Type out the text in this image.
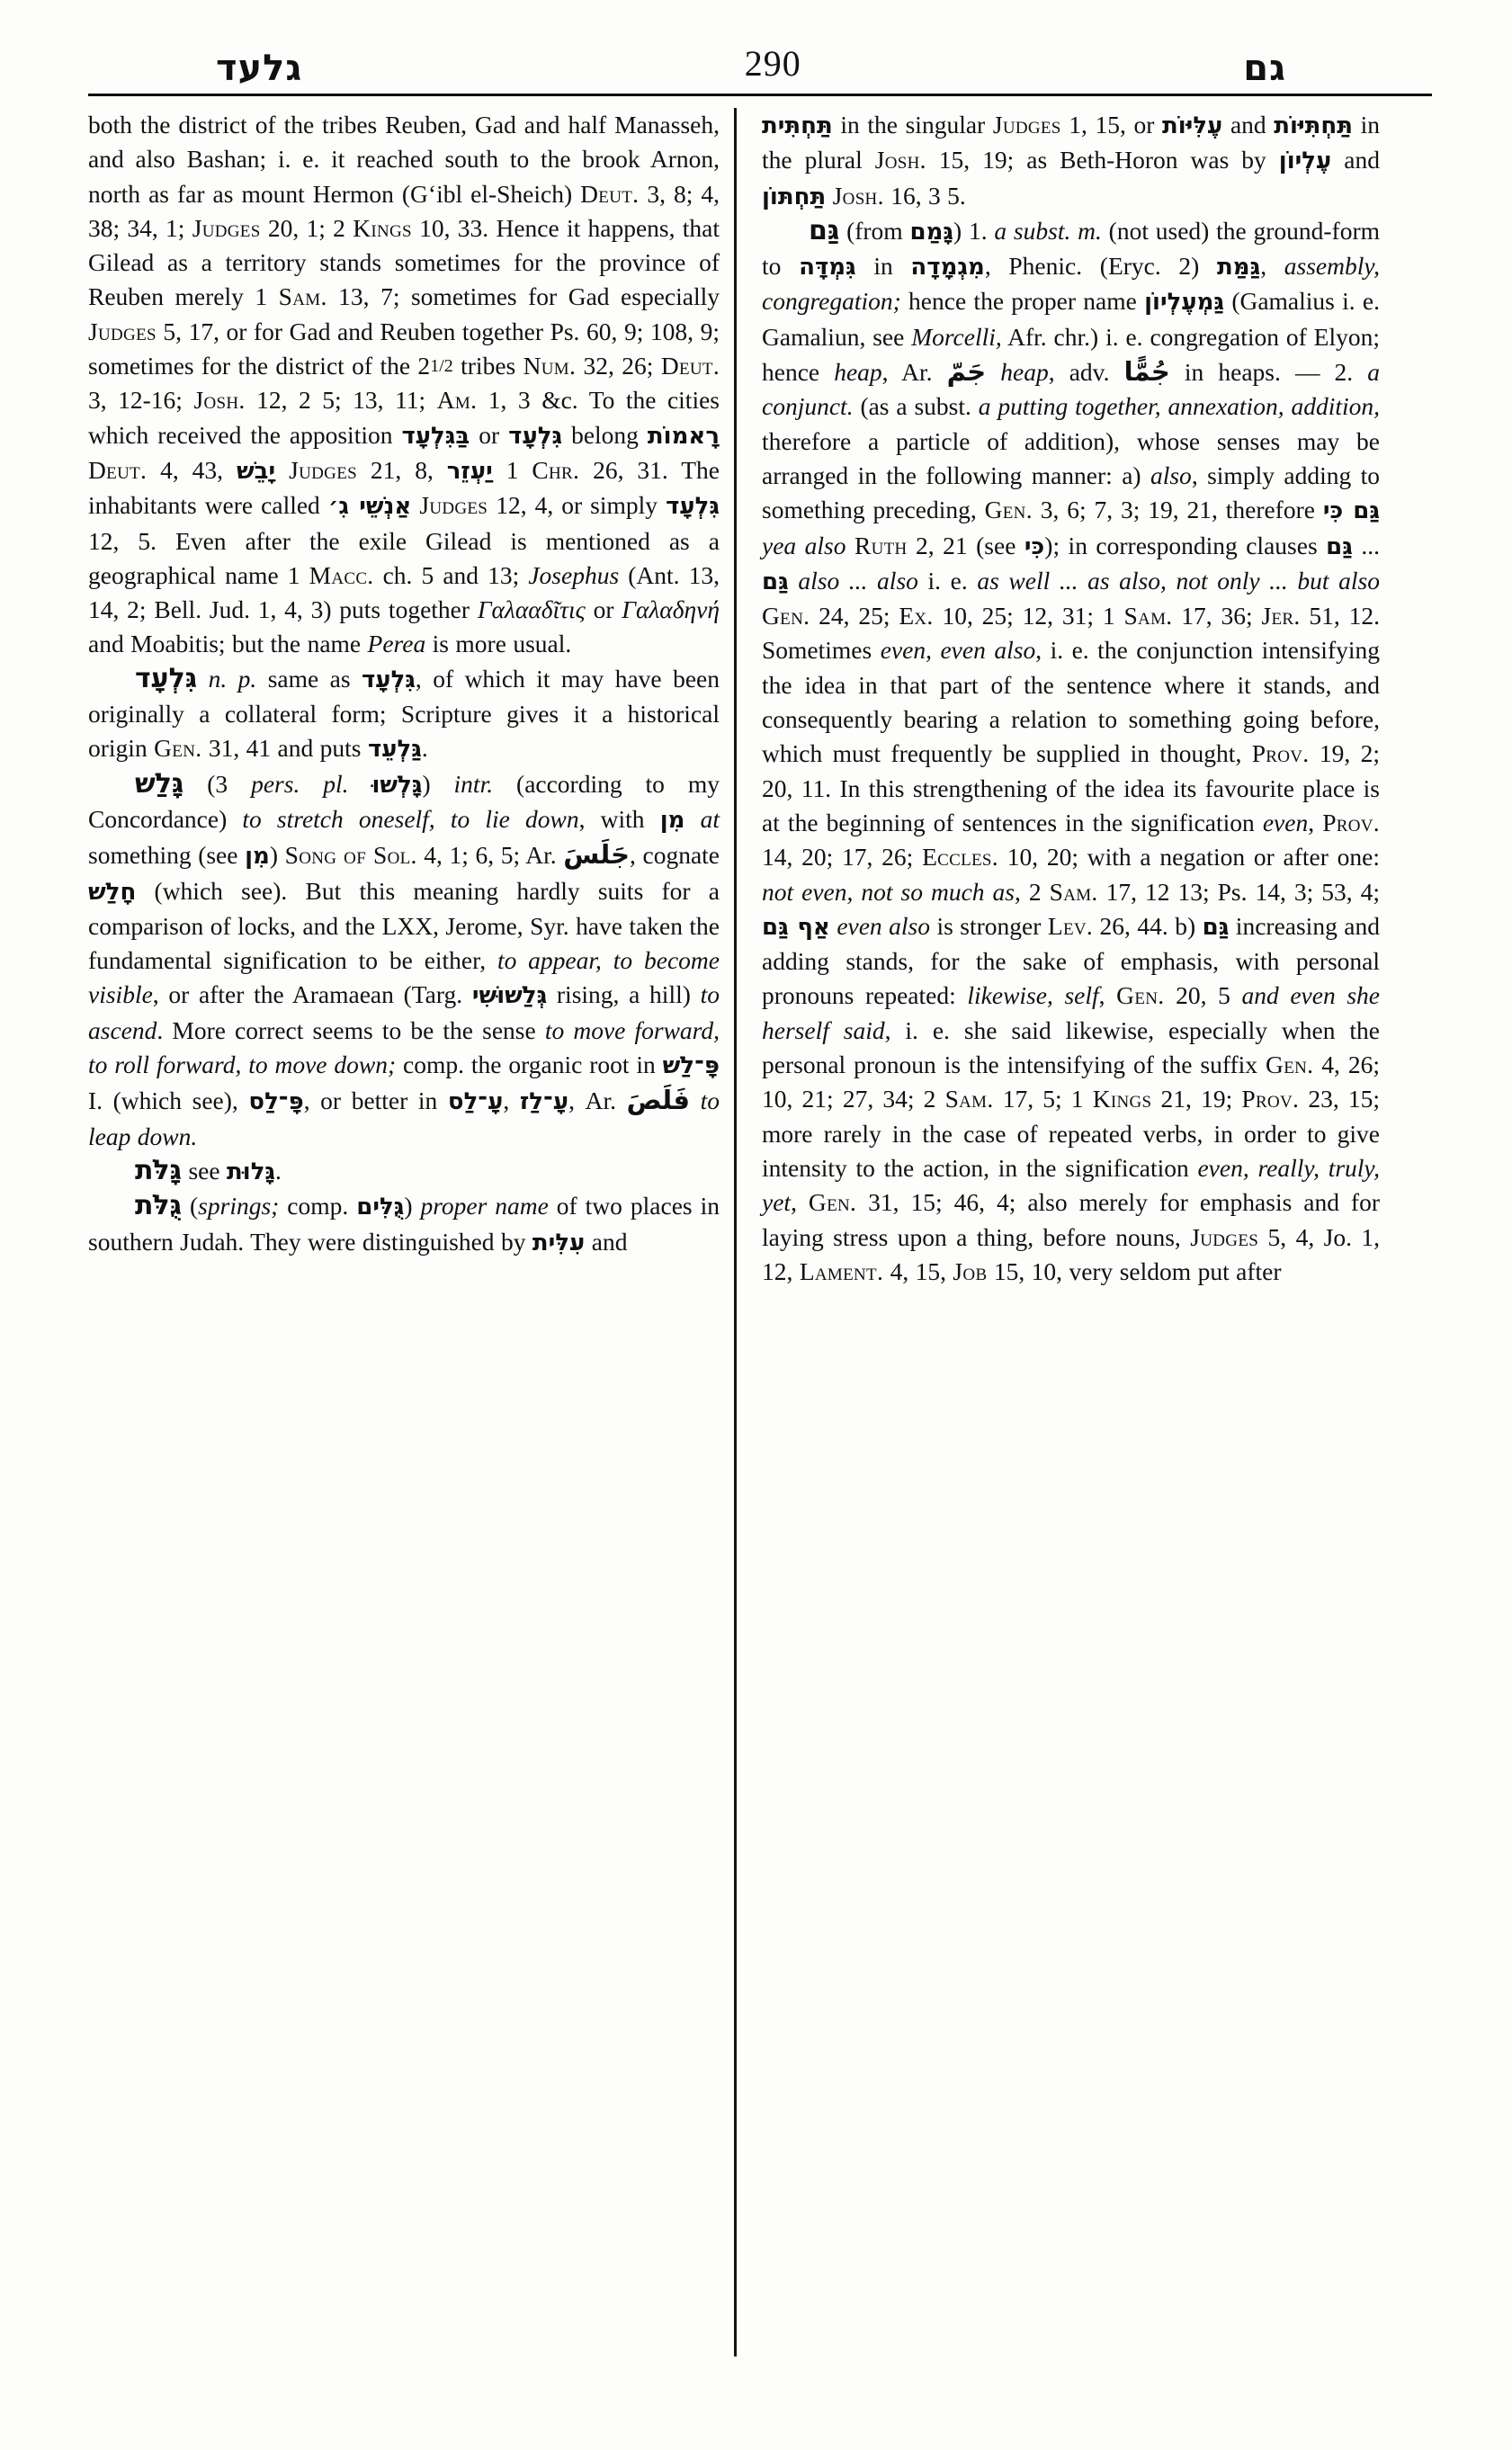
גלעד	290	גם

both the district of the tribes Reuben, Gad and half Manasseh, and also Bashan; i. e. it reached south to the brook Arnon, north as far as mount Hermon (Gʻibl el-Sheich) Deut. 3, 8; 4, 38; 34, 1; Judges 20, 1; 2 Kings 10, 33. Hence it happens, that Gilead as a territory stands sometimes for the province of Reuben merely 1 Sam. 13, 7; sometimes for Gad especially Judges 5, 17, or for Gad and Reuben together Ps. 60, 9; 108, 9; sometimes for the district of the 21/2 tribes Num. 32, 26; Deut. 3, 12-16; Josh. 12, 2 5; 13, 11; Am. 1, 3 &c. To the cities which received the apposition בַּגִּלְעָד or גִּלְעָד belong רָאמוֹת Deut. 4, 43, יָבֵשׁ Judges 21, 8, יַעְזֵר 1 Chr. 26, 31. The inhabitants were called אַנְשֵׁי גִ׳ Judges 12, 4, or simply גִּלְעָד 12, 5. Even after the exile Gilead is mentioned as a geographical name 1 Macc. ch. 5 and 13; Josephus (Ant. 13, 14, 2; Bell. Jud. 1, 4, 3) puts together Γαλααδῖτις or Γαλαδηνή and Moabitis; but the name Perea is more usual.

גִּלְעָד n. p. same as גִּלְעָד, of which it may have been originally a collateral form; Scripture gives it a historical origin Gen. 31, 41 and puts גַּלְעֵד.

גָּלַשׁ (3 pers. pl. גָּלְשׁוּ) intr. (according to my Concordance) to stretch oneself, to lie down, with מִן at something (see מִן) Song of Sol. 4, 1; 6, 5; Ar. جَلَسَ, cognate חָלַשׁ (which see). But this meaning hardly suits for a comparison of locks, and the LXX, Jerome, Syr. have taken the fundamental signification to be either, to appear, to become visible, or after the Aramaean (Targ. גְּלַשׁוּשִׁי rising, a hill) to ascend. More correct seems to be the sense to move forward, to roll forward, to move down; comp. the organic root in פָּ־לַשׁ I. (which see), פָּ־לַס, or better in עָ־לַס, עָ־לַז, Ar. فَلَصَ to leap down.

גָּלֹּת see גָּלוּת.

גֻּלֹּת (springs; comp. גֻּלִּים) proper name of two places in southern Judah. They were distinguished by עִלִּית and

תַּחְתִּית in the singular Judges 1, 15, or עֶלִּיּוֹת and תַּחְתִּיּוֹת in the plural Josh. 15, 19; as Beth-Horon was by עֶלְיוֹן and תַּחְתּוֹן Josh. 16, 3 5.

גַּם (from גָּמַם) 1. a subst. m. (not used) the ground-form to גִּמְדָּה in מִגְמָדָה, Phenic. (Eryc. 2) גַּמַּת, assembly, congregation; hence the proper name גַּמְעֶלְיוֹן (Gamalius i. e. Gamaliun, see Morcelli, Afr. chr.) i. e. congregation of Elyon; hence heap, Ar. جَمّ heap, adv. جُمًّا in heaps. — 2. a conjunct. (as a subst. a putting together, annexation, addition, therefore a particle of addition), whose senses may be arranged in the following manner: a) also, simply adding to something preceding, Gen. 3, 6; 7, 3; 19, 21, therefore גַּם כִּי yea also Ruth 2, 21 (see כִּי); in corresponding clauses גַּם ... גַּם also ... also i. e. as well ... as also, not only ... but also Gen. 24, 25; Ex. 10, 25; 12, 31; 1 Sam. 17, 36; Jer. 51, 12. Sometimes even, even also, i. e. the conjunction intensifying the idea in that part of the sentence where it stands, and consequently bearing a relation to something going before, which must frequently be supplied in thought, Prov. 19, 2; 20, 11. In this strengthening of the idea its favourite place is at the beginning of sentences in the signification even, Prov. 14, 20; 17, 26; Eccles. 10, 20; with a negation or after one: not even, not so much as, 2 Sam. 17, 12 13; Ps. 14, 3; 53, 4; אַף גַּם even also is stronger Lev. 26, 44. b) גַּם increasing and adding stands, for the sake of emphasis, with personal pronouns repeated: likewise, self, Gen. 20, 5 and even she herself said, i. e. she said likewise, especially when the personal pronoun is the intensifying of the suffix Gen. 4, 26; 10, 21; 27, 34; 2 Sam. 17, 5; 1 Kings 21, 19; Prov. 23, 15; more rarely in the case of repeated verbs, in order to give intensity to the action, in the signification even, really, truly, yet, Gen. 31, 15; 46, 4; also merely for emphasis and for laying stress upon a thing, before nouns, Judges 5, 4, Jo. 1, 12, Lament. 4, 15, Job 15, 10, very seldom put after
